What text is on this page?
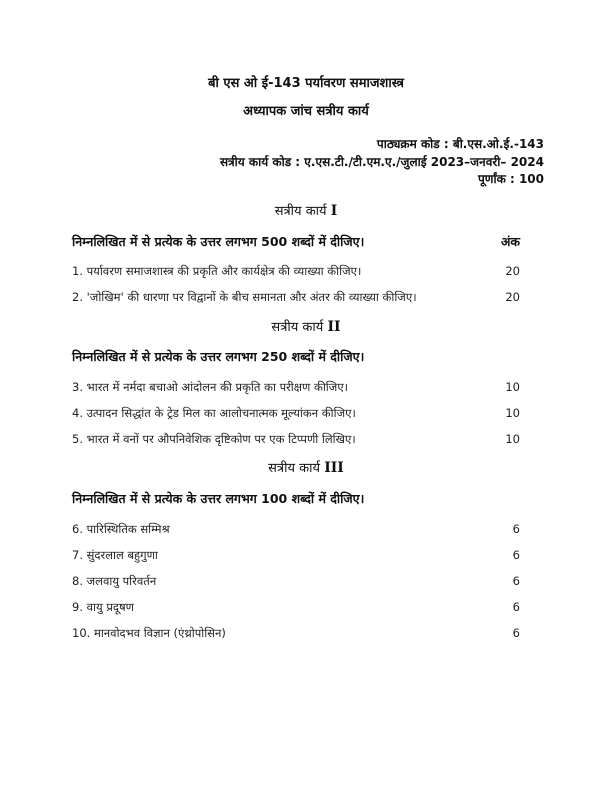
बी एस ओ ई-143 पर्यावरण समाजशास्त्र
अध्यापक जांच सत्रीय कार्य
पाठ्यक्रम कोड : बी.एस.ओ.ई.-143
सत्रीय कार्य कोड : ए.एस.टी./टी.एम.ए./जुलाई 2023–जनवरी– 2024
पूर्णांक : 100
सत्रीय कार्य I
निम्नलिखित में से प्रत्येक के उत्तर लगभग 500 शब्दों में दीजिए।	अंक
1. पर्यावरण समाजशास्त्र की प्रकृति और कार्यक्षेत्र की व्याख्या कीजिए।	20
2. 'जोखिम' की धारणा पर विद्वानों के बीच समानता और अंतर की व्याख्या कीजिए।	20
सत्रीय कार्य II
निम्नलिखित में से प्रत्येक के उत्तर लगभग 250 शब्दों में दीजिए।
3. भारत में नर्मदा बचाओ आंदोलन की प्रकृति का परीक्षण कीजिए।	10
4. उत्पादन सिद्धांत के ट्रेड मिल का आलोचनात्मक मूल्यांकन कीजिए।	10
5. भारत में वनों पर औपनिवेशिक दृष्टिकोण पर एक टिप्पणी लिखिए।	10
सत्रीय कार्य III
निम्नलिखित में से प्रत्येक के उत्तर लगभग 100 शब्दों में दीजिए।
6. पारिस्थितिक सम्मिश्र	6
7. सुंदरलाल बहुगुणा	6
8. जलवायु परिवर्तन	6
9. वायु प्रदूषण	6
10. मानवोदभव विज्ञान (एंथ्रोपोसिन)	6
